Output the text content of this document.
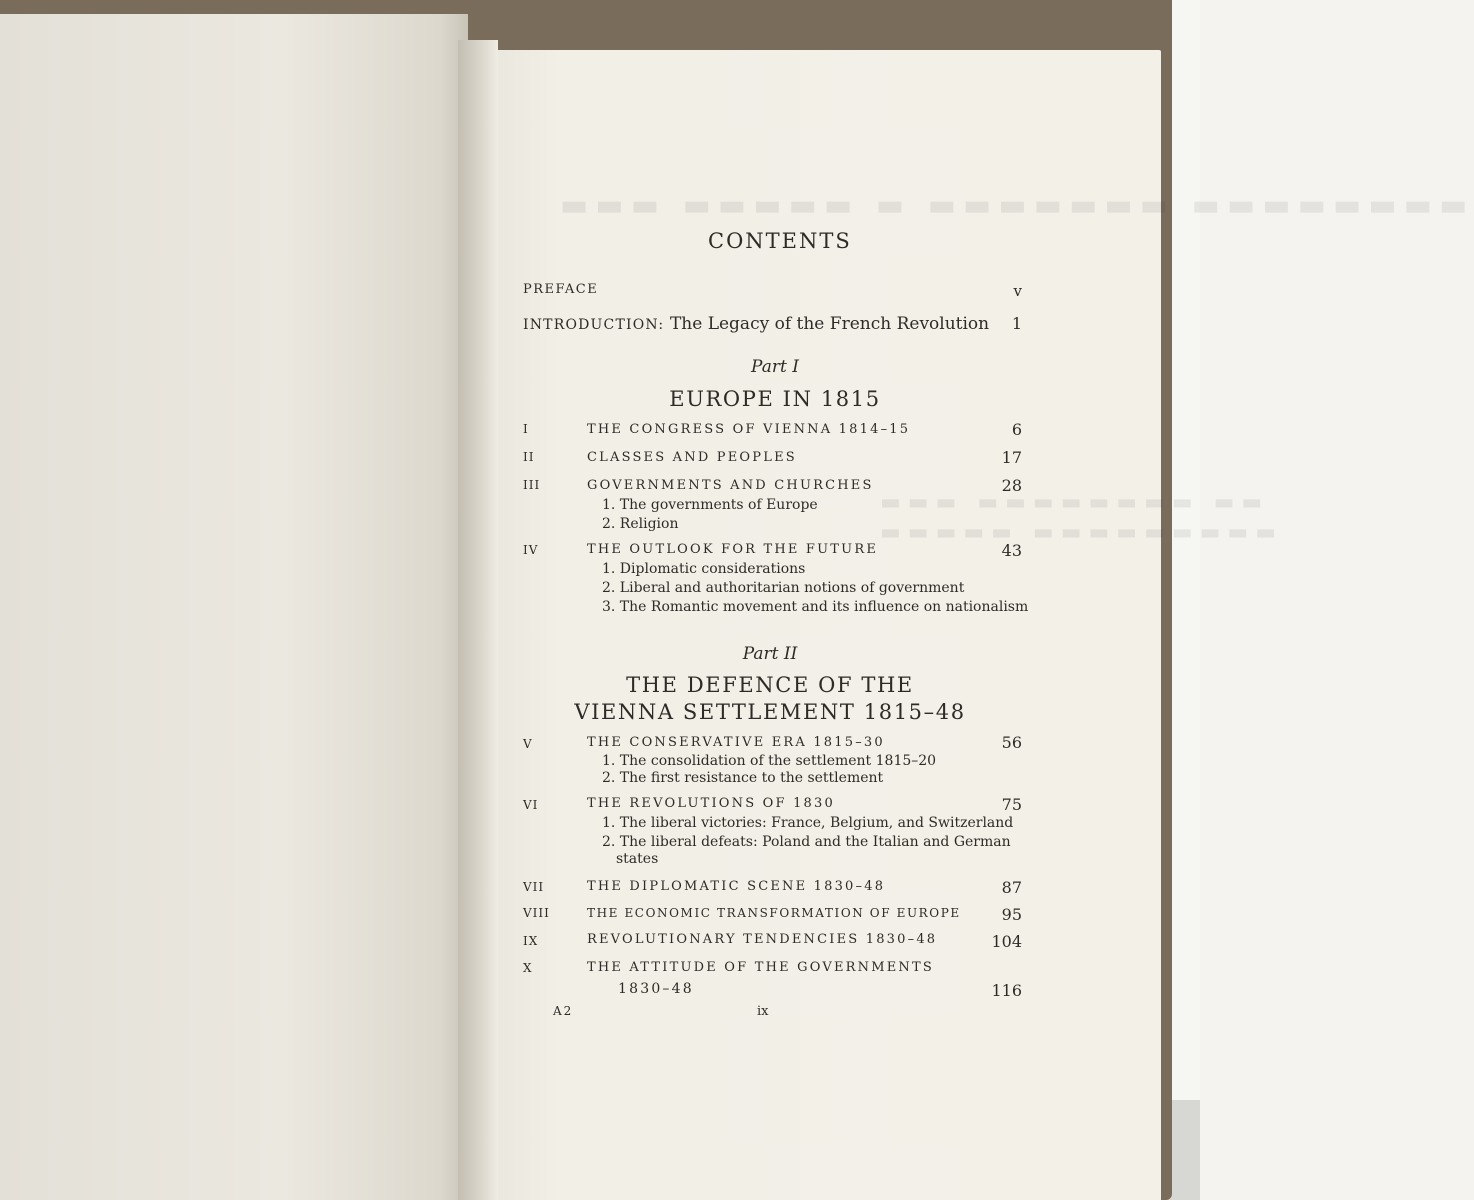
▬▬▬ ▬▬▬▬▬ ▬ ▬▬▬▬▬▬▬ ▬▬▬▬▬▬▬▬
▬▬▬ ▬▬▬▬▬▬▬▬ ▬▬
▬▬▬▬▬ ▬▬▬▬▬▬▬▬▬
CONTENTS
PREFACE	v
INTRODUCTION: The Legacy of the French Revolution 1
Part I
EUROPE IN 1815
I	THE CONGRESS OF VIENNA 1814–15	6
II	CLASSES AND PEOPLES	17
III	GOVERNMENTS AND CHURCHES	28
1. The governments of Europe
2. Religion
IV	THE OUTLOOK FOR THE FUTURE	43
1. Diplomatic considerations
2. Liberal and authoritarian notions of government
3. The Romantic movement and its influence on nationalism
Part II
THE DEFENCE OF THE
VIENNA SETTLEMENT 1815–48
V	THE CONSERVATIVE ERA 1815–30	56
1. The consolidation of the settlement 1815–20
2. The first resistance to the settlement
VI	THE REVOLUTIONS OF 1830	75
1. The liberal victories: France, Belgium, and Switzerland
2. The liberal defeats: Poland and the Italian and German
states
VII	THE DIPLOMATIC SCENE 1830–48	87
VIII	THE ECONOMIC TRANSFORMATION OF EUROPE	95
IX	REVOLUTIONARY TENDENCIES 1830–48	104
X	THE ATTITUDE OF THE GOVERNMENTS
1830–48	116
A2	ix
